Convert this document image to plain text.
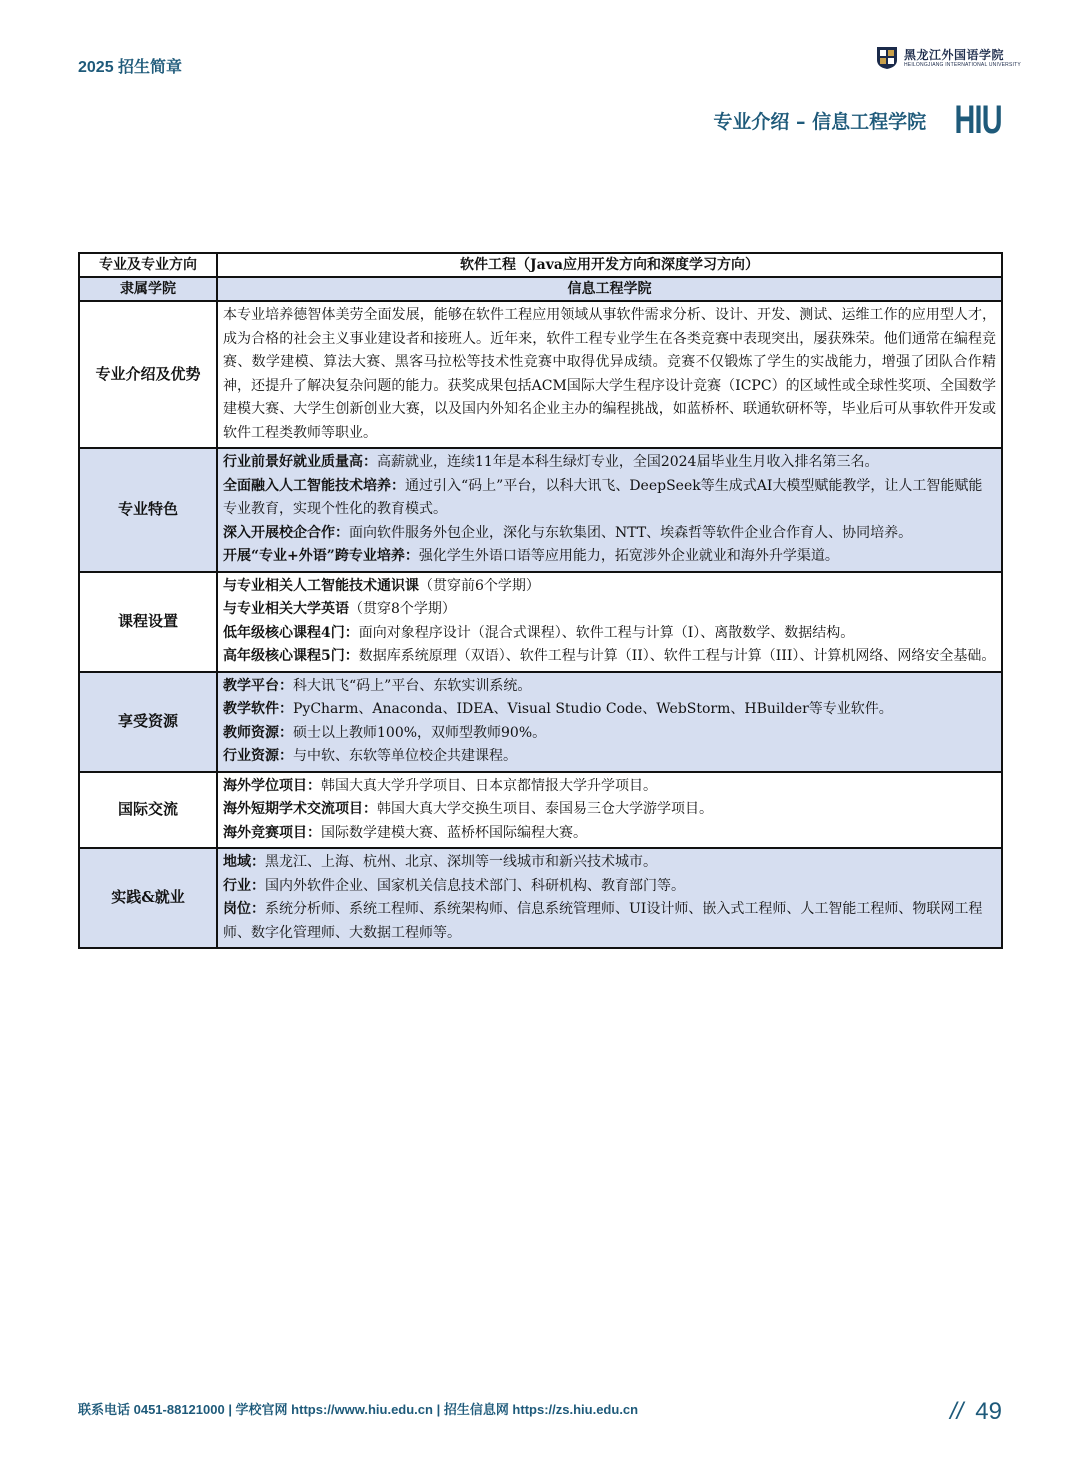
2025 招生简章
黑龙江外国语学院
HEILONGJIANG INTERNATIONAL UNIVERSITY
专业介绍 – 信息工程学院 HIU
专业及专业方向	软件工程（Java应用开发方向和深度学习方向）
隶属学院	信息工程学院
专业介绍及优势	本专业培养德智体美劳全面发展，能够在软件工程应用领域从事软件需求分析、设计、开发、测试、运维工作的应用型人才，成为合格的社会主义事业建设者和接班人。近年来，软件工程专业学生在各类竞赛中表现突出，屡获殊荣。他们通常在编程竞赛、数学建模、算法大赛、黑客马拉松等技术性竞赛中取得优异成绩。竞赛不仅锻炼了学生的实战能力，增强了团队合作精神，还提升了解决复杂问题的能力。获奖成果包括ACM国际大学生程序设计竞赛（ICPC）的区域性或全球性奖项、全国数学建模大赛、大学生创新创业大赛，以及国内外知名企业主办的编程挑战，如蓝桥杯、联通软研杯等，毕业后可从事软件开发或软件工程类教师等职业。
专业特色	行业前景好就业质量高：高薪就业，连续11年是本科生绿灯专业，全国2024届毕业生月收入排名第三名。
全面融入人工智能技术培养：通过引入“码上”平台，以科大讯飞、DeepSeek等生成式AI大模型赋能教学，让人工智能赋能专业教育，实现个性化的教育模式。
深入开展校企合作：面向软件服务外包企业，深化与东软集团、NTT、埃森哲等软件企业合作育人、协同培养。
开展“专业+外语”跨专业培养：强化学生外语口语等应用能力，拓宽涉外企业就业和海外升学渠道。

课程设置	与专业相关人工智能技术通识课（贯穿前6个学期）
与专业相关大学英语（贯穿8个学期）
低年级核心课程4门：面向对象程序设计（混合式课程）、软件工程与计算（I）、离散数学、数据结构。
高年级核心课程5门：数据库系统原理（双语）、软件工程与计算（II）、软件工程与计算（III）、计算机网络、网络安全基础。

享受资源	教学平台：科大讯飞“码上”平台、东软实训系统。
教学软件：PyCharm、Anaconda、IDEA、Visual Studio Code、WebStorm、HBuilder等专业软件。
教师资源：硕士以上教师100%，双师型教师90%。
行业资源：与中软、东软等单位校企共建课程。

国际交流	海外学位项目：韩国大真大学升学项目、日本京都情报大学升学项目。
海外短期学术交流项目：韩国大真大学交换生项目、泰国易三仓大学游学项目。
海外竞赛项目：国际数学建模大赛、蓝桥杯国际编程大赛。

实践&就业	地域：黑龙江、上海、杭州、北京、深圳等一线城市和新兴技术城市。
行业：国内外软件企业、国家机关信息技术部门、科研机构、教育部门等。
岗位：系统分析师、系统工程师、系统架构师、信息系统管理师、UI设计师、嵌入式工程师、人工智能工程师、物联网工程师、数字化管理师、大数据工程师等。
联系电话 0451-88121000 | 学校官网 https://www.hiu.edu.cn | 招生信息网 https://zs.hiu.edu.cn	// 49
